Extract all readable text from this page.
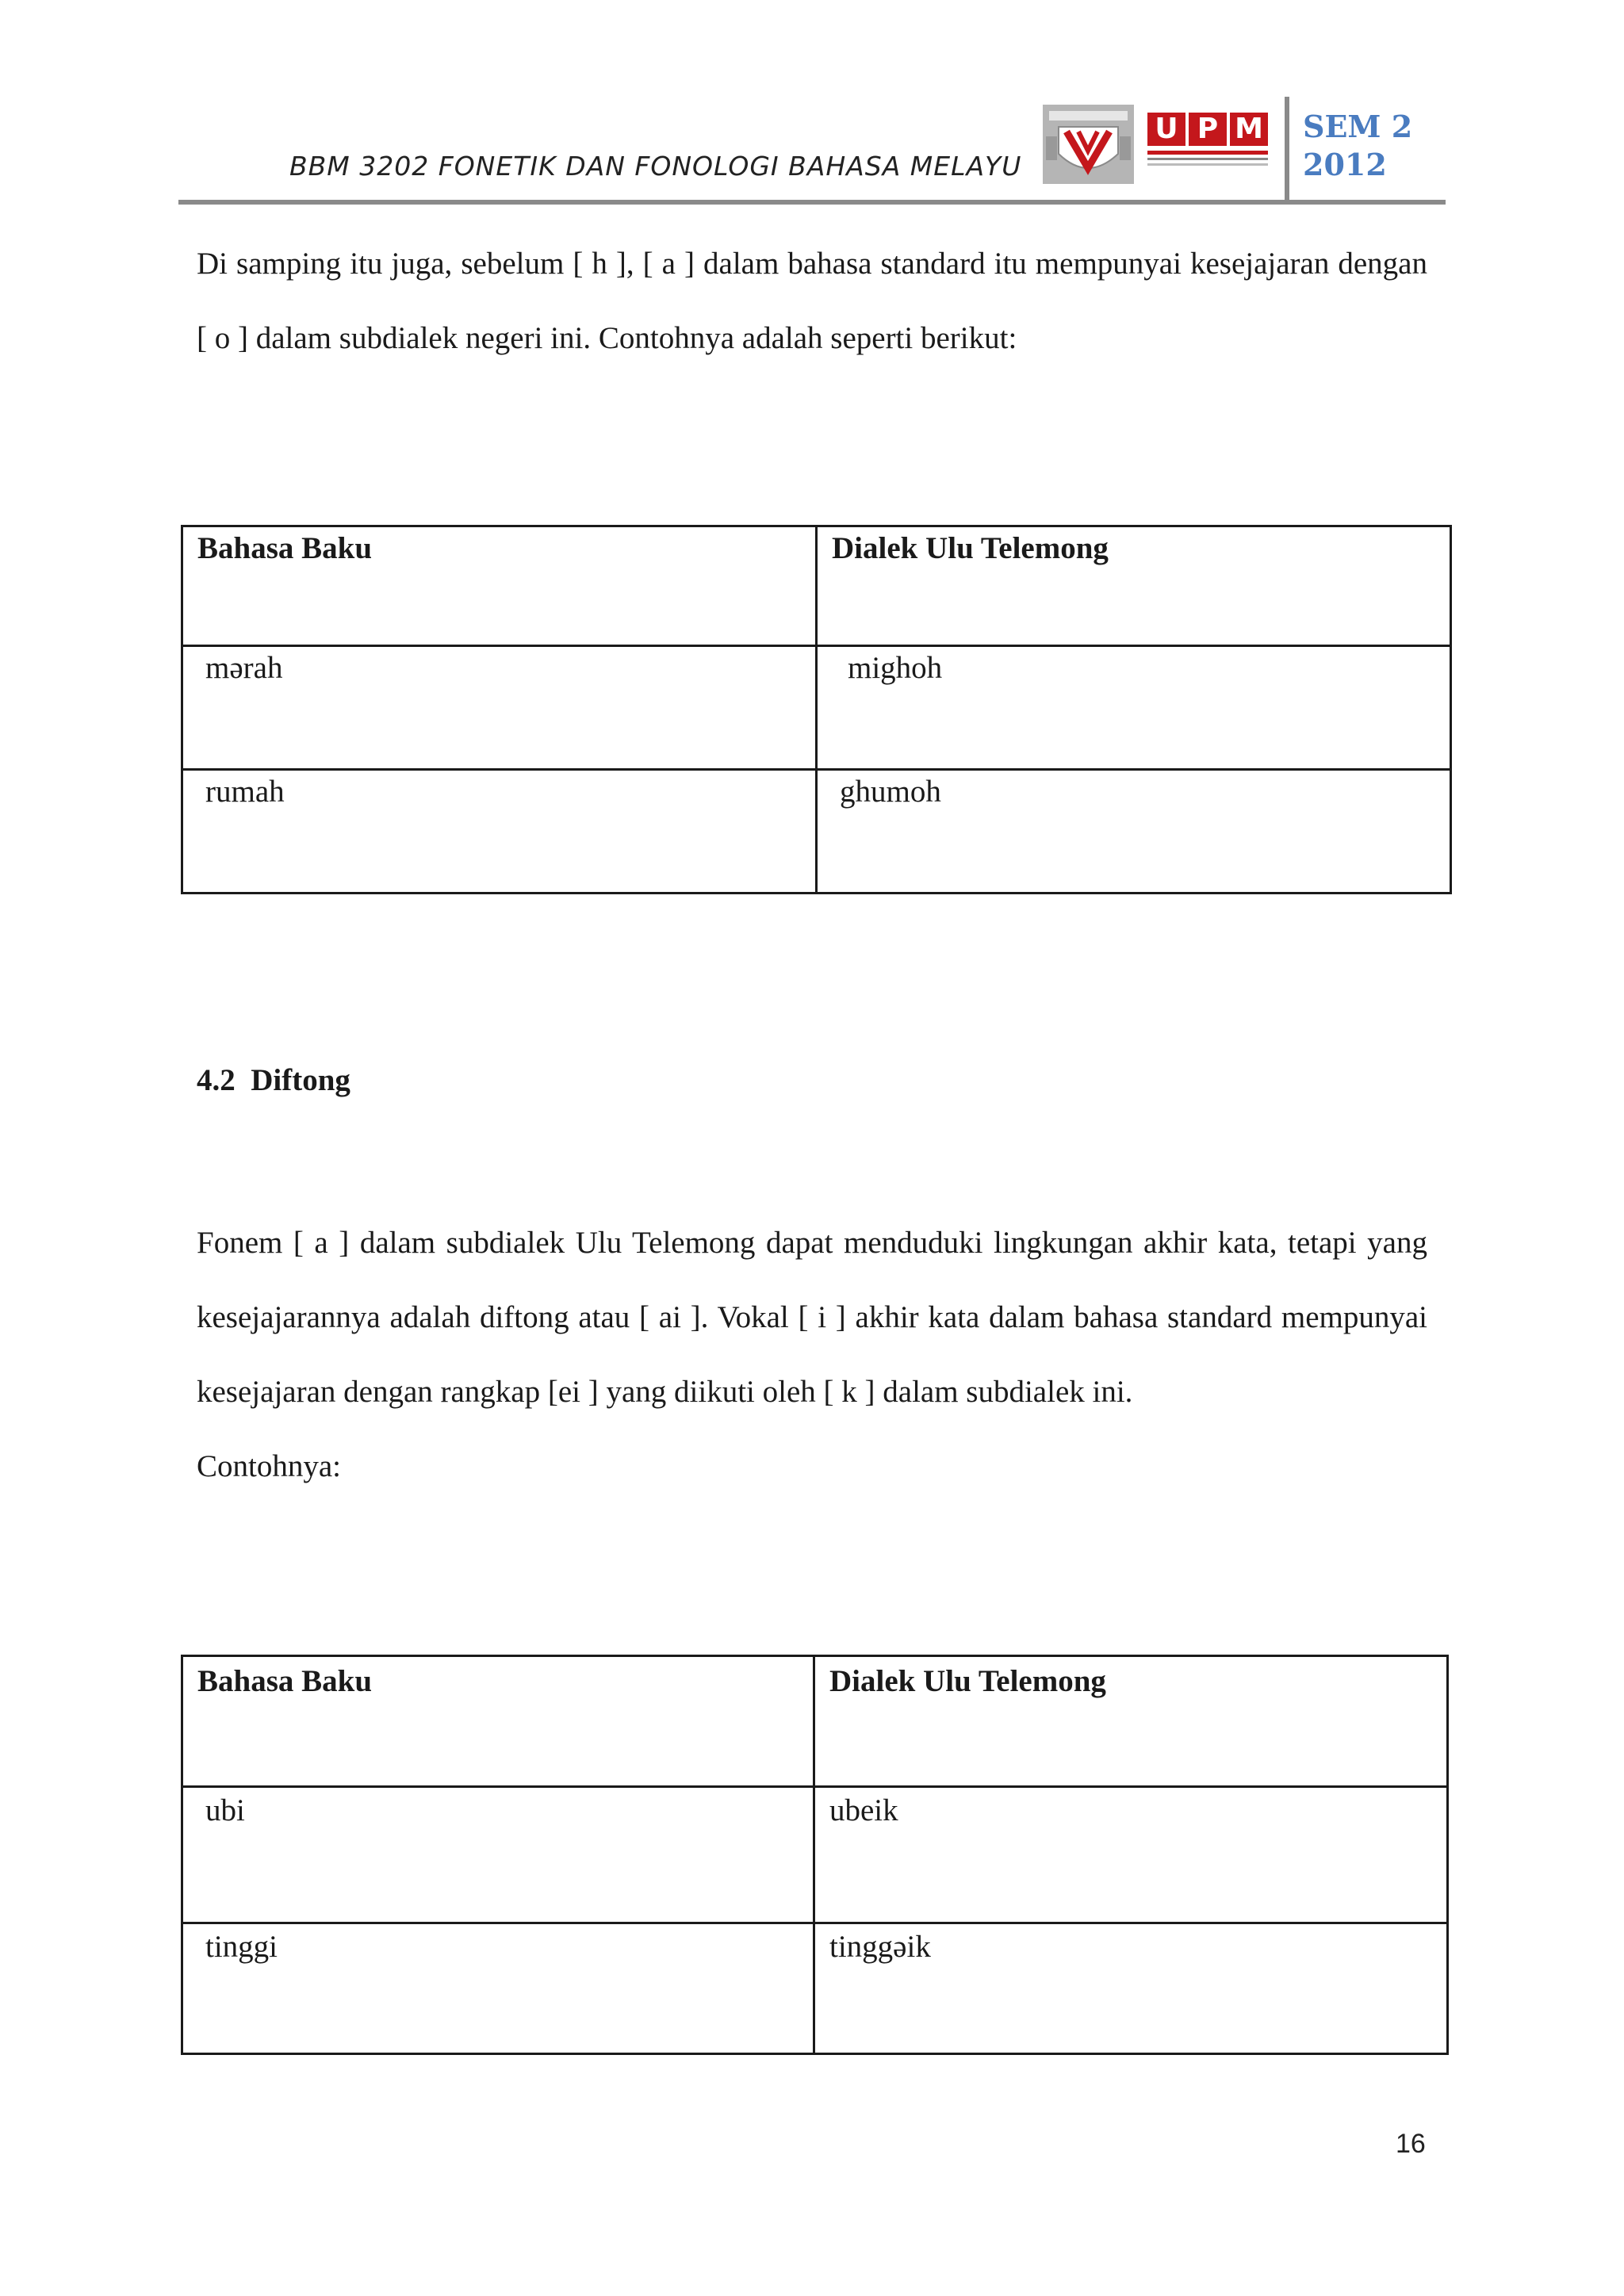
BBM 3202 FONETIK DAN FONOLOGI BAHASA MELAYU
U P M SEM 2
2012
Di samping itu juga, sebelum [ h ], [ a ] dalam bahasa standard itu mempunyai kesejajaran dengan [ o ] dalam subdialek negeri ini. Contohnya adalah seperti berikut:
Bahasa Baku	Dialek Ulu Telemong
mərah	mighoh
rumah	ghumoh
4.2  Diftong
Fonem [ a ] dalam subdialek Ulu Telemong dapat menduduki lingkungan akhir kata, tetapi yang kesejajarannya adalah diftong atau [ ai ]. Vokal [ i ] akhir kata dalam bahasa standard mempunyai kesejajaran dengan rangkap [ei ] yang diikuti oleh [ k ] dalam subdialek ini.
Contohnya:
Bahasa Baku	Dialek Ulu Telemong
ubi	ubeik
tinggi	tinggəik
16
